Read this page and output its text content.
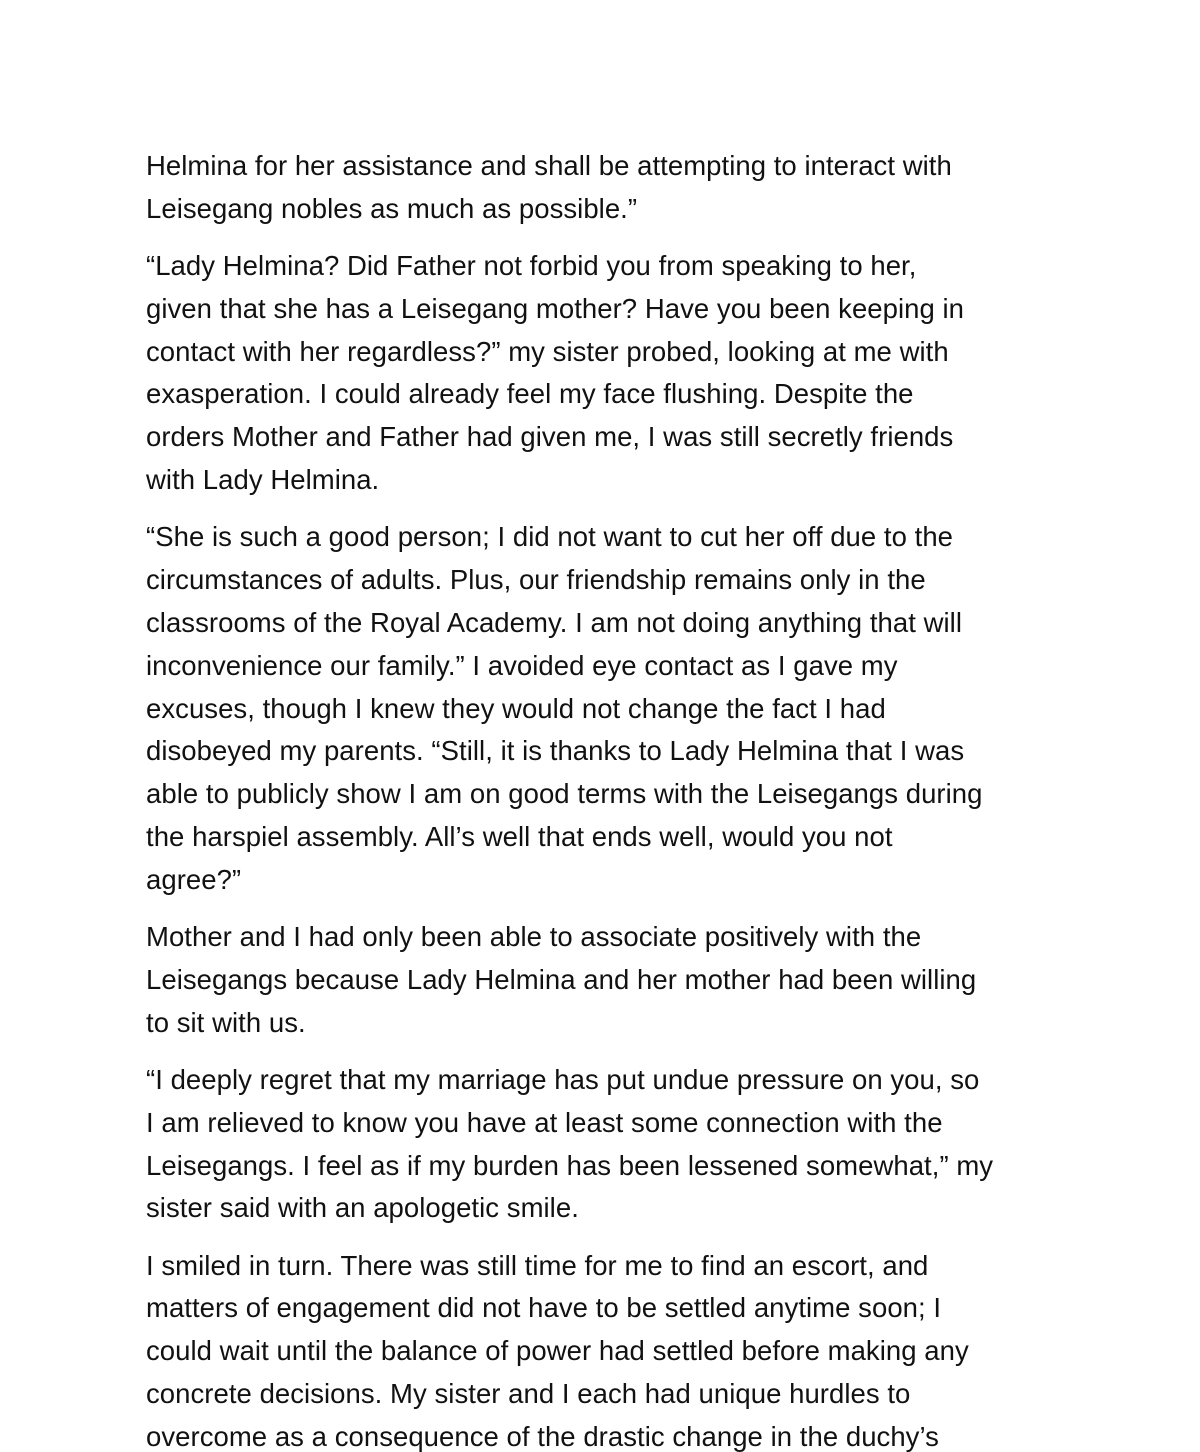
Helmina for her assistance and shall be attempting to interact with
Leisegang nobles as much as possible.”

“Lady Helmina? Did Father not forbid you from speaking to her,
given that she has a Leisegang mother? Have you been keeping in
contact with her regardless?” my sister probed, looking at me with
exasperation. I could already feel my face flushing. Despite the
orders Mother and Father had given me, I was still secretly friends
with Lady Helmina.

“She is such a good person; I did not want to cut her off due to the
circumstances of adults. Plus, our friendship remains only in the
classrooms of the Royal Academy. I am not doing anything that will
inconvenience our family.” I avoided eye contact as I gave my
excuses, though I knew they would not change the fact I had
disobeyed my parents. “Still, it is thanks to Lady Helmina that I was
able to publicly show I am on good terms with the Leisegangs during
the harspiel assembly. All’s well that ends well, would you not
agree?”

Mother and I had only been able to associate positively with the
Leisegangs because Lady Helmina and her mother had been willing
to sit with us.

“I deeply regret that my marriage has put undue pressure on you, so
I am relieved to know you have at least some connection with the
Leisegangs. I feel as if my burden has been lessened somewhat,” my
sister said with an apologetic smile.

I smiled in turn. There was still time for me to find an escort, and
matters of engagement did not have to be settled anytime soon; I
could wait until the balance of power had settled before making any
concrete decisions. My sister and I each had unique hurdles to
overcome as a consequence of the drastic change in the duchy’s
